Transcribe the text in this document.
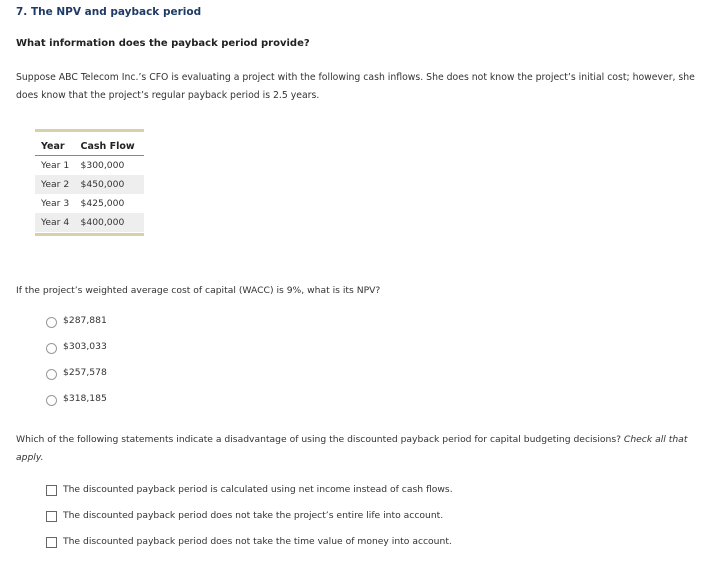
7. The NPV and payback period
What information does the payback period provide?
Suppose ABC Telecom Inc.’s CFO is evaluating a project with the following cash inflows. She does not know the project’s initial cost; however, she does know that the project’s regular payback period is 2.5 years.
Year	Cash Flow
Year 1	$300,000
Year 2	$450,000
Year 3	$425,000
Year 4	$400,000
If the project’s weighted average cost of capital (WACC) is 9%, what is its NPV?
$287,881
$303,033
$257,578
$318,185
Which of the following statements indicate a disadvantage of using the discounted payback period for capital budgeting decisions? Check all that apply.
The discounted payback period is calculated using net income instead of cash flows.
The discounted payback period does not take the project’s entire life into account.
The discounted payback period does not take the time value of money into account.
